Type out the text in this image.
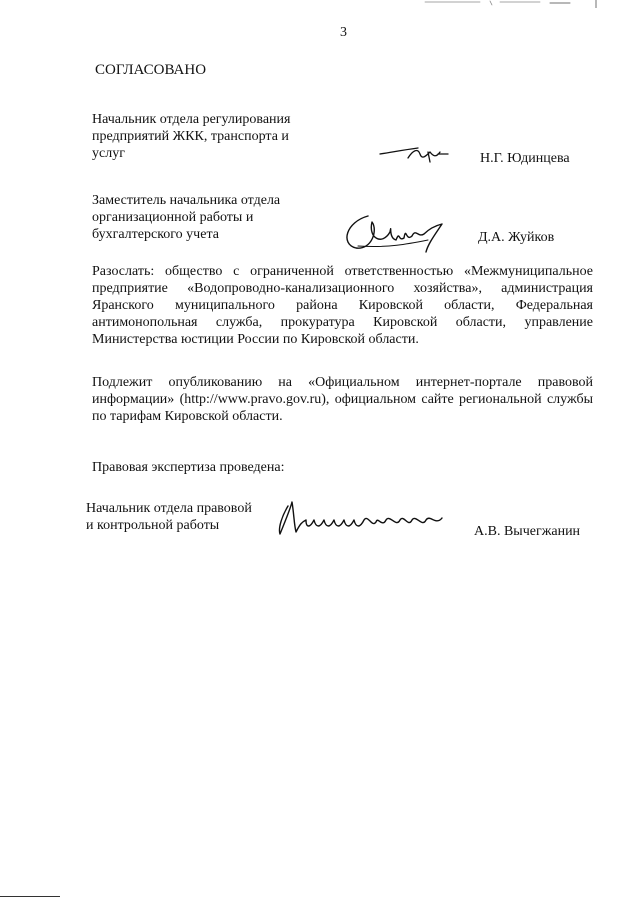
3
СОГЛАСОВАНО
Начальник отдела регулирования
предприятий ЖКК, транспорта и
услуг	Н.Г. Юдинцева
Заместитель начальника отдела
организационной работы и
бухгалтерского учета	Д.А. Жуйков
Разослать: общество с ограниченной ответственностью «Межмуниципальное предприятие «Водопроводно-канализационного хозяйства», администрация Яранского муниципального района Кировской области, Федеральная антимонопольная служба, прокуратура Кировской области, управление Министерства юстиции России по Кировской области.
Подлежит опубликованию на «Официальном интернет-портале правовой информации» (http://www.pravo.gov.ru), официальном сайте региональной службы по тарифам Кировской области.
Правовая экспертиза проведена:
Начальник отдела правовой
и контрольной работы	А.В. Вычегжанин
